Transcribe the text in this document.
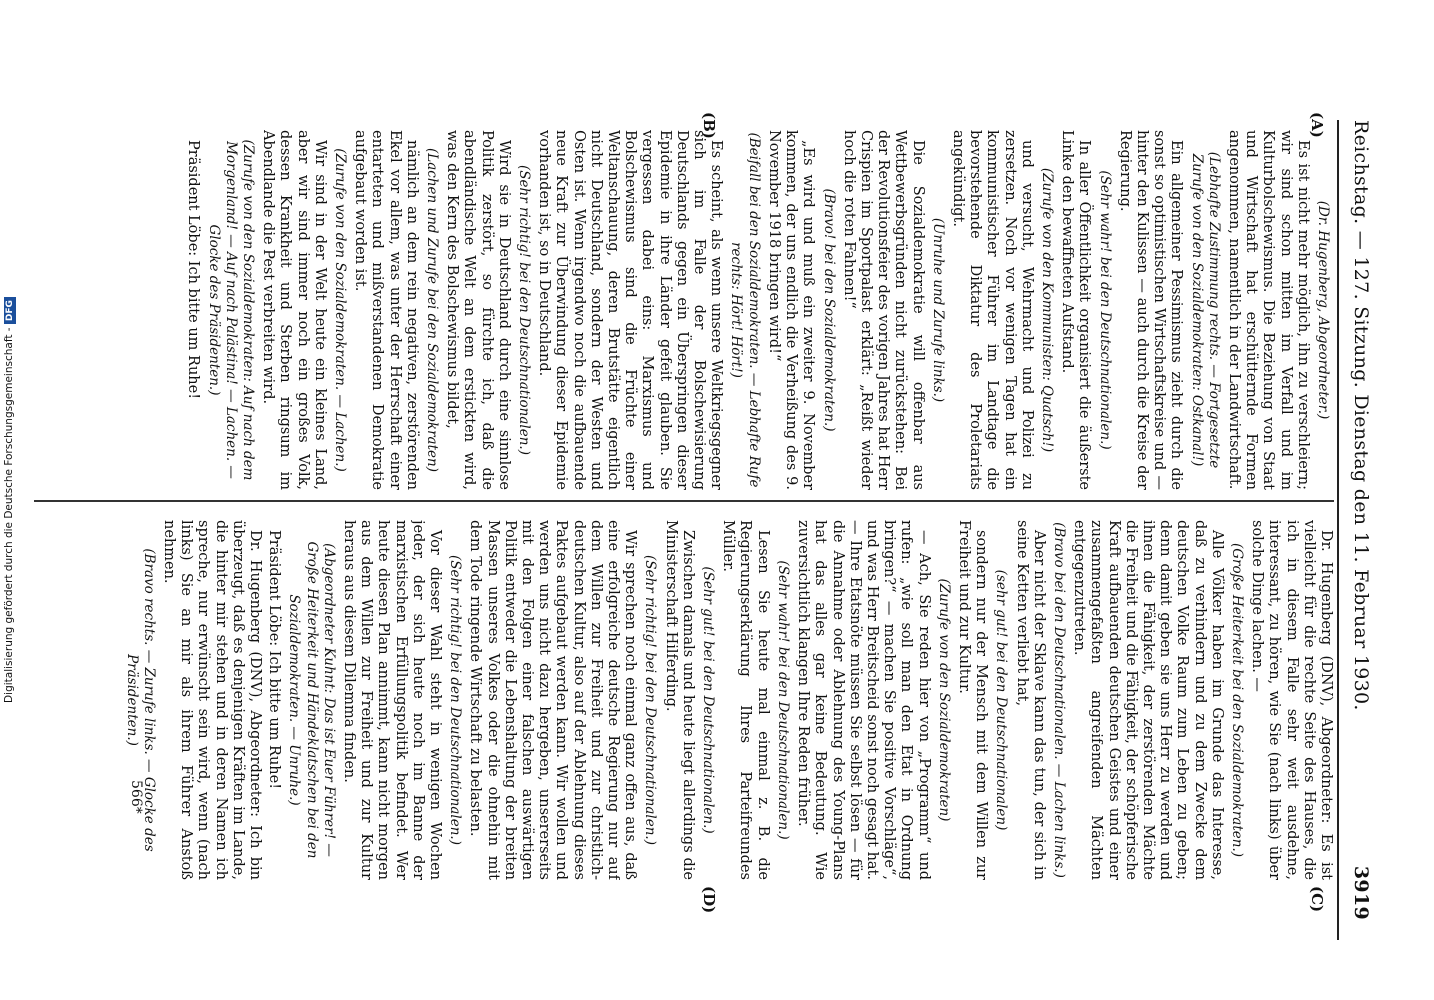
Reichstag. — 127. Sitzung. Dienstag den 11. Februar 1930.
3919
(A)
(B)
(C)
(D)

(Dr. Hugenberg, Abgeordneter.)

Es ist nicht mehr möglich, ihn zu verschleiern; wir sind schon mitten im Verfall und im Kulturbolschewismus. Die Beziehung von Staat und Wirtschaft hat erschütternde Formen angenommen, namentlich in der Landwirtschaft.

(Lebhafte Zustimmung rechts. — Fortgesetzte Zurufe von den Sozialdemokraten: Ostkanal!)

Ein allgemeiner Pessimismus zieht durch die sonst so optimistischen Wirtschaftskreise und — hinter den Kulissen — auch durch die Kreise der Regierung.

(Sehr wahr! bei den Deutschnationalen.)

In aller Öffentlichkeit organisiert die äußerste Linke den bewaffneten Aufstand.

(Zurufe von den Kommunisten: Quatsch!)

und versucht, Wehrmacht und Polizei zu zersetzen. Noch vor wenigen Tagen hat ein kommunistischer Führer im Landtage die bevorstehende Diktatur des Proletariats angekündigt.

(Unruhe und Zurufe links.)

Die Sozialdemokratie will offenbar aus Wettbewerbsgründen nicht zurückstehen: Bei der Revolutionsfeier des vorigen Jahres hat Herr Crispien im Sportpalast erklärt: „Reißt wieder hoch die roten Fahnen!“

(Bravo! bei den Sozialdemokraten.)

„Es wird und muß ein zweiter 9. November kommen, der uns endlich die Verheißung des 9. November 1918 bringen wird!“

(Beifall bei den Sozialdemokraten. — Lebhafte Rufe rechts: Hört! Hört!)

Es scheint, als wenn unsere Weltkriegsgegner sich im Falle der Bolschewisierung Deutschlands gegen ein Überspringen dieser Epidemie in ihre Länder gefeit glauben. Sie vergessen dabei eins: Marxismus und Bolschewismus sind die Früchte einer Weltanschauung, deren Brutstätte eigentlich nicht Deutschland, sondern der Westen und Osten ist. Wenn irgendwo noch die aufbauende neue Kraft zur Überwindung dieser Epidemie vorhanden ist, so in Deutschland.

(Sehr richtig! bei den Deutschnationalen.)

Wird sie in Deutschland durch eine sinnlose Politik zerstört, so fürchte ich, daß die abendländische Welt an dem erstickten wird, was den Kern des Bolschewismus bildet,

(Lachen und Zurufe bei den Sozialdemokraten)

nämlich an dem rein negativen, zerstörenden Ekel vor allem, was unter der Herrschaft einer entarteten und mißverstandenen Demokratie aufgebaut worden ist.

(Zurufe von den Sozialdemokraten. — Lachen.)

Wir sind in der Welt heute ein kleines Land, aber wir sind immer noch ein großes Volk, dessen Krankheit und Sterben ringsum im Abendlande die Pest verbreiten wird.

(Zurufe von den Sozialdemokraten: Auf nach dem Morgenland! — Auf nach Palästina! — Lachen. — Glocke des Präsidenten.)

Präsident Löbe: Ich bitte um Ruhe!

Dr. Hugenberg (DNV), Abgeordneter: Es ist vielleicht für die rechte Seite des Hauses, die ich in diesem Falle sehr weit ausdehne, interessant, zu hören, wie Sie (nach links) über solche Dinge lachen. —

(Große Heiterkeit bei den Sozialdemokraten.)

Alle Völker haben im Grunde das Interesse, daß zu verhindern und zu dem Zwecke dem deutschen Volke Raum zum Leben zu geben; denn damit geben sie uns Herr zu werden und ihnen die Fähigkeit, der zerstörenden Mächte die Freiheit und die Fähigkeit, der schöpferische Kraft aufbauenden deutschen Geistes und einer zusammengefaßten angreifenden Mächten entgegenzutreten.

(Bravo bei den Deutschnationalen. — Lachen links.)

Aber nicht der Sklave kann das tun, der sich in seine Ketten verliebt hat,

(sehr gut! bei den Deutschnationalen)

sondern nur der Mensch mit dem Willen zur Freiheit und zur Kultur.

(Zurufe von den Sozialdemokraten)

— Ach, Sie reden hier von „Programm“ und rufen: „wie soll man den Etat in Ordnung bringen?“ — machen Sie positive Vorschläge“, und was Herr Breitscheid sonst noch gesagt hat. — Ihre Etatsnöte müssen Sie selbst lösen — für die Annahme oder Ablehnung des Young-Plans hat das alles gar keine Bedeutung. Wie zuversichtlich klangen Ihre Reden früher.

(Sehr wahr! bei den Deutschnationalen.)

Lesen Sie heute mal einmal z. B. die Regierungserklärung Ihres Parteifreundes Müller.

(Sehr gut! bei den Deutschnationalen.)

Zwischen damals und heute liegt allerdings die Ministerschaft Hilferding.

(Sehr richtig! bei den Deutschnationalen.)

Wir sprechen noch einmal ganz offen aus, daß eine erfolgreiche deutsche Regierung nur auf dem Willen zur Freiheit und zur christlich-deutschen Kultur, also auf der Ablehnung dieses Paktes aufgebaut werden kann. Wir wollen und werden uns nicht dazu hergeben, unsererseits mit den Folgen einer falschen auswärtigen Politik entweder die Lebenshaltung der breiten Massen unseres Volkes oder die ohnehin mit dem Tode ringende Wirtschaft zu belasten.

(Sehr richtig! bei den Deutschnationalen.)

Vor dieser Wahl steht in wenigen Wochen jeder, der sich heute noch im Banne der marxistischen Erfüllungspolitik befindet. Wer heute diesen Plan annimmt, kann nicht morgen aus dem Willen zur Freiheit und zur Kultur heraus aus diesem Dilemma finden.

(Abgeordneter Kuhnt: Das ist Euer Führer! — Große Heiterkeit und Händeklatschen bei den Sozialdemokraten. — Unruhe.)

Präsident Löbe: Ich bitte um Ruhe!

Dr. Hugenberg (DNV), Abgeordneter: Ich bin überzeugt, daß es denjenigen Kräften im Lande, die hinter mir stehen und in deren Namen ich spreche, nur erwünscht sein wird, wenn (nach links) Sie an mir als ihrem Führer Anstoß nehmen.

(Bravo rechts. — Zurufe links. — Glocke des Präsidenten.)

566*
Digitalisierung gefördert durch die Deutsche Forschungsgemeinschaft - DFG
